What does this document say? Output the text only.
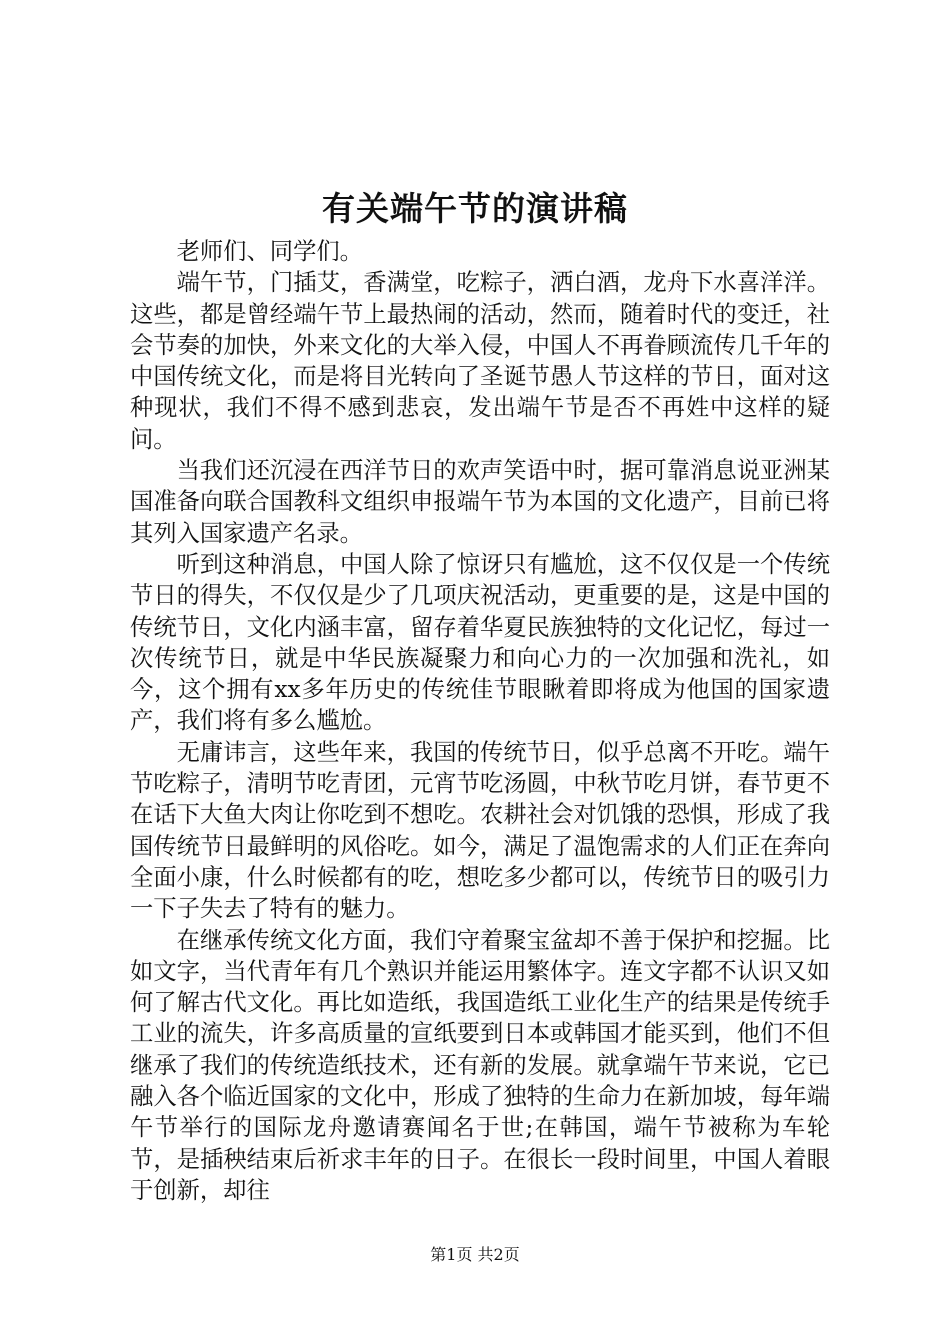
有关端午节的演讲稿

老师们、同学们。

端午节，门插艾，香满堂，吃粽子，洒白酒，龙舟下水喜洋洋。这些，都是曾经端午节上最热闹的活动，然而，随着时代的变迁，社会节奏的加快，外来文化的大举入侵，中国人不再眷顾流传几千年的中国传统文化，而是将目光转向了圣诞节愚人节这样的节日，面对这种现状，我们不得不感到悲哀，发出端午节是否不再姓中这样的疑问。

当我们还沉浸在西洋节日的欢声笑语中时，据可靠消息说亚洲某国准备向联合国教科文组织申报端午节为本国的文化遗产，目前已将其列入国家遗产名录。

听到这种消息，中国人除了惊讶只有尴尬，这不仅仅是一个传统节日的得失，不仅仅是少了几项庆祝活动，更重要的是，这是中国的传统节日，文化内涵丰富，留存着华夏民族独特的文化记忆，每过一次传统节日，就是中华民族凝聚力和向心力的一次加强和洗礼，如今，这个拥有xx多年历史的传统佳节眼瞅着即将成为他国的国家遗产，我们将有多么尴尬。

无庸讳言，这些年来，我国的传统节日，似乎总离不开吃。端午节吃粽子，清明节吃青团，元宵节吃汤圆，中秋节吃月饼，春节更不在话下大鱼大肉让你吃到不想吃。农耕社会对饥饿的恐惧，形成了我国传统节日最鲜明的风俗吃。如今，满足了温饱需求的人们正在奔向全面小康，什么时候都有的吃，想吃多少都可以，传统节日的吸引力一下子失去了特有的魅力。

在继承传统文化方面，我们守着聚宝盆却不善于保护和挖掘。比如文字，当代青年有几个熟识并能运用繁体字。连文字都不认识又如何了解古代文化。再比如造纸，我国造纸工业化生产的结果是传统手工业的流失，许多高质量的宣纸要到日本或韩国才能买到，他们不但继承了我们的传统造纸技术，还有新的发展。就拿端午节来说，它已融入各个临近国家的文化中，形成了独特的生命力在新加坡，每年端午节举行的国际龙舟邀请赛闻名于世;在韩国，端午节被称为车轮节，是插秧结束后祈求丰年的日子。在很长一段时间里，中国人着眼于创新，却往

第1页 共2页
